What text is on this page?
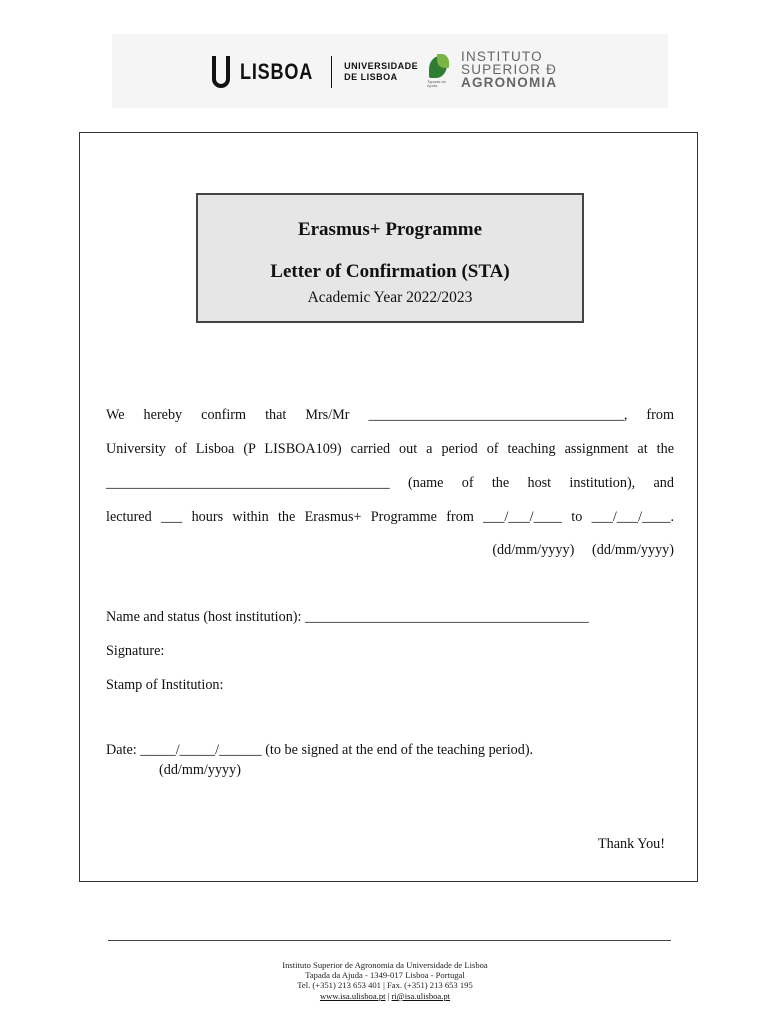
LISBOA	UNIVERSIDADE
DE LISBOA	Tapada da Ajuda
INSTITUTO
SUPERIOR Ð
AGRONOMIA
Erasmus+ Programme
Letter of Confirmation (STA)
Academic Year 2022/2023
We hereby confirm that Mrs/Mr ____________________________________, from
University of Lisboa (P LISBOA109) carried out a period of teaching assignment at the
________________________________________ (name of the host institution), and
lectured ___ hours within the Erasmus+ Programme from ___/___/____ to ___/___/____.
(dd/mm/yyyy)     (dd/mm/yyyy)
Name and status (host institution): ________________________________________
Signature:
Stamp of Institution:
Date: _____/_____/______ (to be signed at the end of the teaching period).
(dd/mm/yyyy)
Thank You!
Instituto Superior de Agronomia da Universidade de Lisboa
Tapada da Ajuda - 1349-017 Lisboa - Portugal
Tel. (+351) 213 653 401 | Fax. (+351) 213 653 195
www.isa.ulisboa.pt | ri@isa.ulisboa.pt
